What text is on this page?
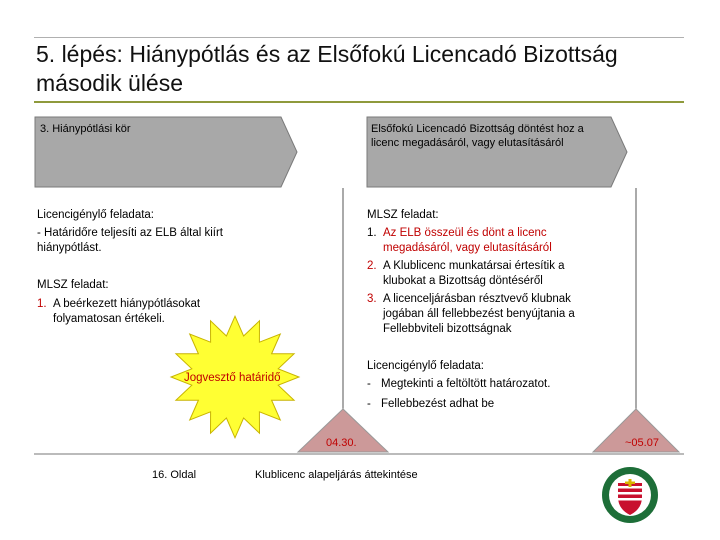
5. lépés: Hiánypótlás és az Elsőfokú Licencadó Bizottság második ülése
3. Hiánypótlási kör	Elsőfokú Licencadó Bizottság döntést hoz a licenc megadásáról, vagy elutasításáról
Licencigénylő feladata:
- Határidőre teljesíti az ELB által kiírt hiánypótlást.
MLSZ feladat:
1. A beérkezett hiánypótlásokat folyamatosan értékeli.
MLSZ feladat:
1. Az ELB összeül és dönt a licenc megadásáról, vagy elutasításáról
2. A Klublicenc munkatársai értesítik a klubokat a Bizottság döntéséről
3. A licenceljárásban résztvevő klubnak jogában áll fellebbezést benyújtania a Fellebbviteli bizottságnak
Licencigénylő feladata:
- Megtekinti a feltöltött határozatot.
- Fellebbezést adhat be
Jogvesztő határidő
04.30.	~05.07
16. Oldal	Klublicenc alapeljárás áttekintése
